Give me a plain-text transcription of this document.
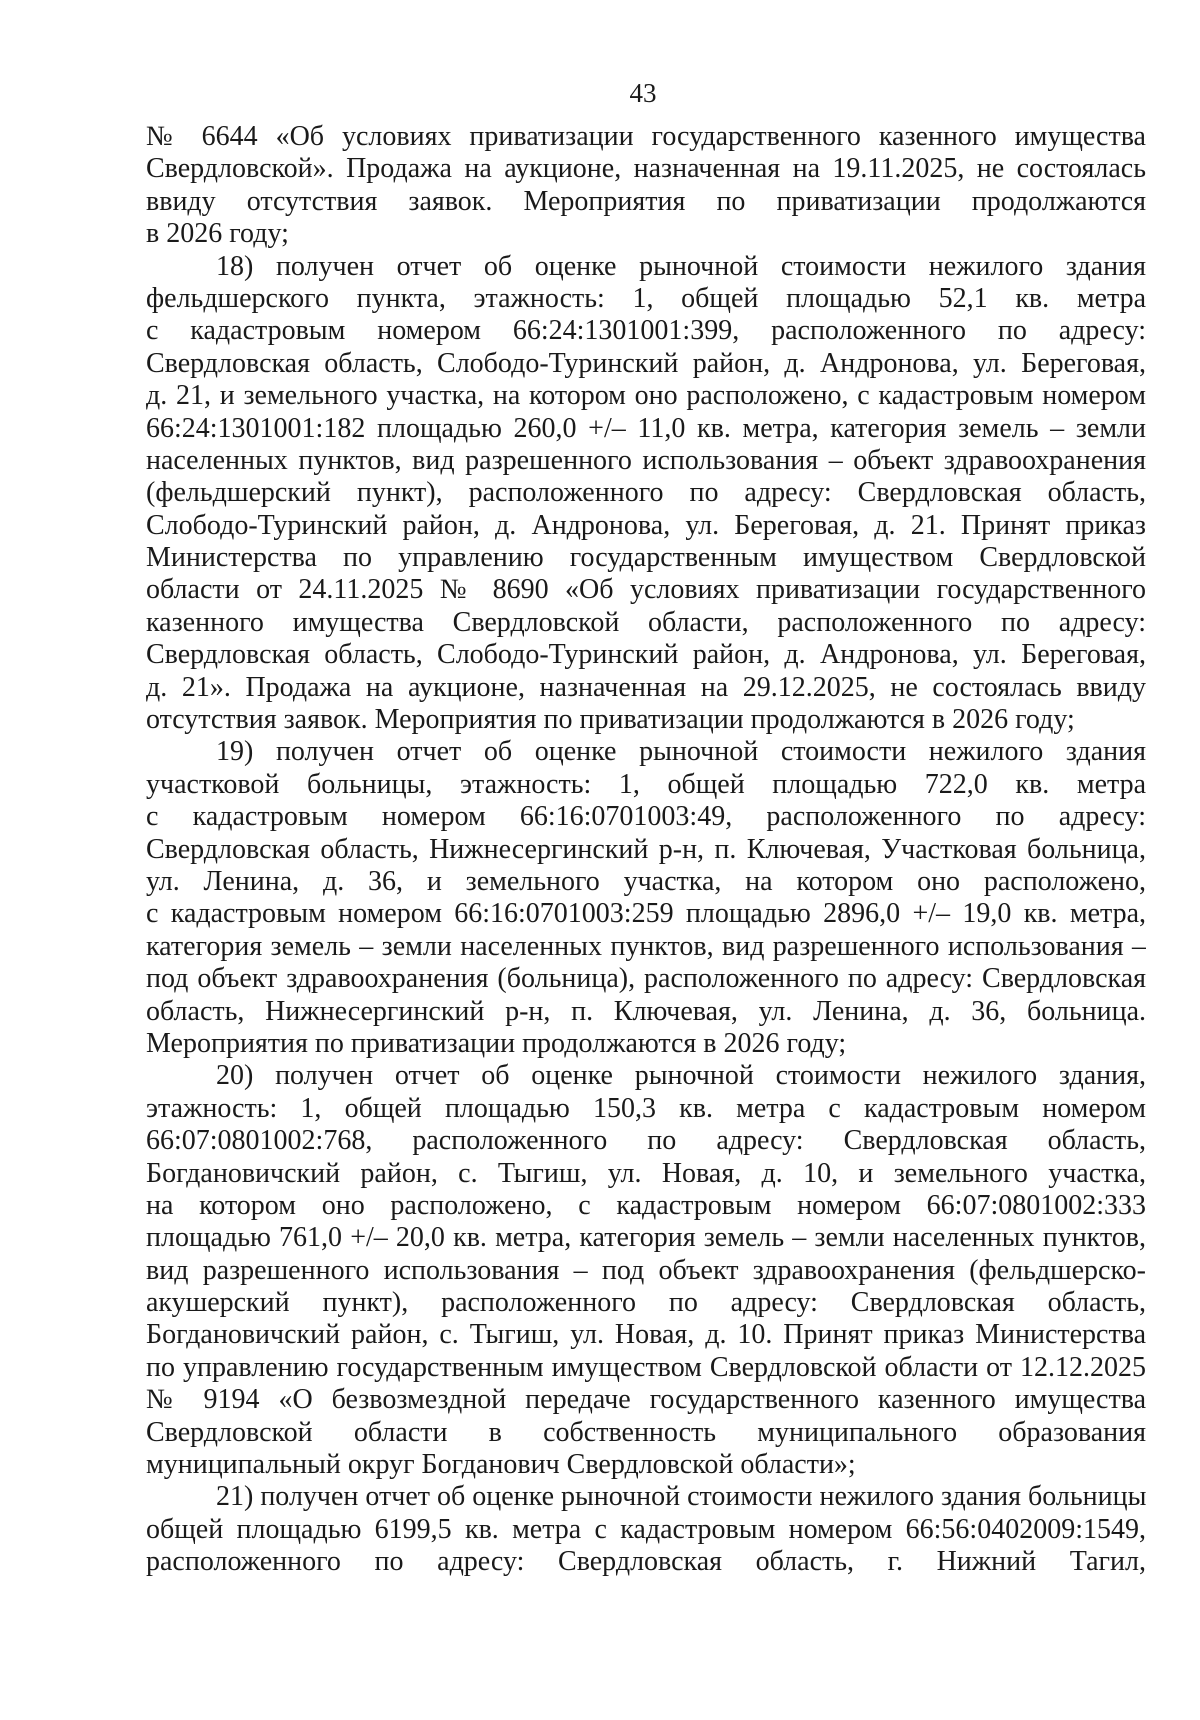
43

№ 6644 «Об условиях приватизации государственного казенного имущества
Свердловской». Продажа на аукционе, назначенная на 19.11.2025, не состоялась
ввиду отсутствия заявок. Мероприятия по приватизации продолжаются
в 2026 году;
18) получен отчет об оценке рыночной стоимости нежилого здания
фельдшерского пункта, этажность: 1, общей площадью 52,1 кв. метра
с кадастровым номером 66:24:1301001:399, расположенного по адресу:
Свердловская область, Слободо-Туринский район, д. Андронова, ул. Береговая,
д. 21, и земельного участка, на котором оно расположено, с кадастровым номером
66:24:1301001:182 площадью 260,0 +/– 11,0 кв. метра, категория земель – земли
населенных пунктов, вид разрешенного использования – объект здравоохранения
(фельдшерский пункт), расположенного по адресу: Свердловская область,
Слободо-Туринский район, д. Андронова, ул. Береговая, д. 21. Принят приказ
Министерства по управлению государственным имуществом Свердловской
области от 24.11.2025 № 8690 «Об условиях приватизации государственного
казенного имущества Свердловской области, расположенного по адресу:
Свердловская область, Слободо-Туринский район, д. Андронова, ул. Береговая,
д. 21». Продажа на аукционе, назначенная на 29.12.2025, не состоялась ввиду
отсутствия заявок. Мероприятия по приватизации продолжаются в 2026 году;
19) получен отчет об оценке рыночной стоимости нежилого здания
участковой больницы, этажность: 1, общей площадью 722,0 кв. метра
с кадастровым номером 66:16:0701003:49, расположенного по адресу:
Свердловская область, Нижнесергинский р-н, п. Ключевая, Участковая больница,
ул. Ленина, д. 36, и земельного участка, на котором оно расположено,
с кадастровым номером 66:16:0701003:259 площадью 2896,0 +/– 19,0 кв. метра,
категория земель – земли населенных пунктов, вид разрешенного использования –
под объект здравоохранения (больница), расположенного по адресу: Свердловская
область, Нижнесергинский р-н, п. Ключевая, ул. Ленина, д. 36, больница.
Мероприятия по приватизации продолжаются в 2026 году;
20) получен отчет об оценке рыночной стоимости нежилого здания,
этажность: 1, общей площадью 150,3 кв. метра с кадастровым номером
66:07:0801002:768, расположенного по адресу: Свердловская область,
Богдановичский район, с. Тыгиш, ул. Новая, д. 10, и земельного участка,
на котором оно расположено, с кадастровым номером 66:07:0801002:333
площадью 761,0 +/– 20,0 кв. метра, категория земель – земли населенных пунктов,
вид разрешенного использования – под объект здравоохранения (фельдшерско-
акушерский пункт), расположенного по адресу: Свердловская область,
Богдановичский район, с. Тыгиш, ул. Новая, д. 10. Принят приказ Министерства
по управлению государственным имуществом Свердловской области от 12.12.2025
№ 9194 «О безвозмездной передаче государственного казенного имущества
Свердловской области в собственность муниципального образования
муниципальный округ Богданович Свердловской области»;
21) получен отчет об оценке рыночной стоимости нежилого здания больницы
общей площадью 6199,5 кв. метра с кадастровым номером 66:56:0402009:1549,
расположенного по адресу: Свердловская область, г. Нижний Тагил,
